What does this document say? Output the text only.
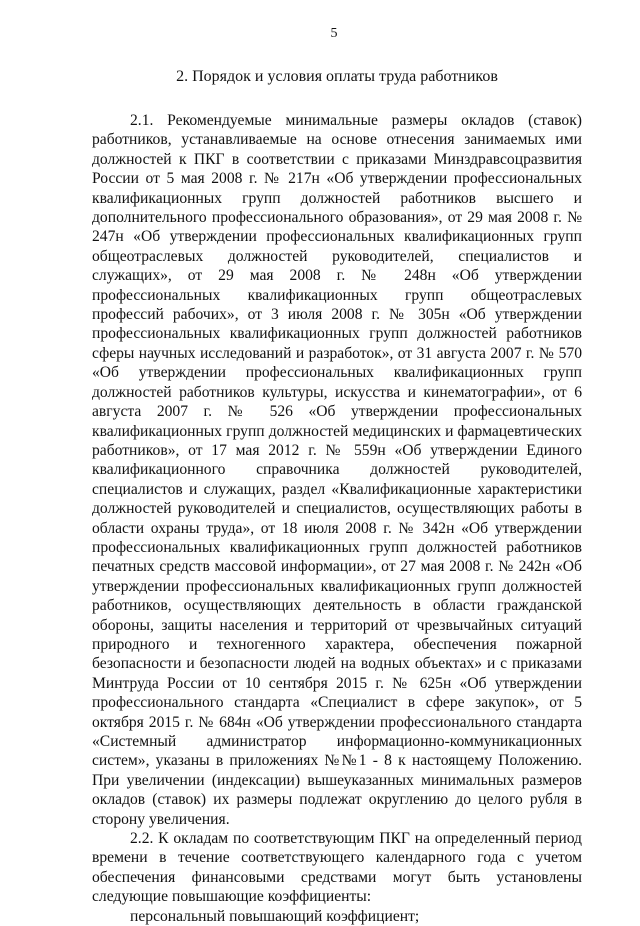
5
2. Порядок и условия оплаты труда работников

2.1. Рекомендуемые минимальные размеры окладов (ставок) работников, устанавливаемые на основе отнесения занимаемых ими должностей к ПКГ в соответствии с приказами Минздравсоцразвития России от 5 мая 2008 г. № 217н «Об утверждении профессиональных квалификационных групп должностей работников высшего и дополнительного профессионального образования», от 29 мая 2008 г. № 247н «Об утверждении профессиональных квалификационных групп общеотраслевых должностей руководителей, специалистов и служащих», от 29 мая 2008 г. № 248н «Об утверждении профессиональных квалификационных групп общеотраслевых профессий рабочих», от 3 июля 2008 г. № 305н «Об утверждении профессиональных квалификационных групп должностей работников сферы научных исследований и разработок», от 31 августа 2007 г. № 570 «Об утверждении профессиональных квалификационных групп должностей работников культуры, искусства и кинематографии», от 6 августа 2007 г. № 526 «Об утверждении профессиональных квалификационных групп должностей медицинских и фармацевтических работников», от 17 мая 2012 г. № 559н «Об утверждении Единого квалификационного справочника должностей руководителей, специалистов и служащих, раздел «Квалификационные характеристики должностей руководителей и специалистов, осуществляющих работы в области охраны труда», от 18 июля 2008 г. № 342н «Об утверждении профессиональных квалификационных групп должностей работников печатных средств массовой информации», от 27 мая 2008 г. № 242н «Об утверждении профессиональных квалификационных групп должностей работников, осуществляющих деятельность в области гражданской обороны, защиты населения и территорий от чрезвычайных ситуаций природного и техногенного характера, обеспечения пожарной безопасности и безопасности людей на водных объектах» и с приказами Минтруда России от 10 сентября 2015 г. № 625н «Об утверждении профессионального стандарта «Специалист в сфере закупок», от 5 октября 2015 г. № 684н «Об утверждении профессионального стандарта «Системный администратор информационно-коммуникационных систем», указаны в приложениях №№1 - 8 к настоящему Положению. При увеличении (индексации) вышеуказанных минимальных размеров окладов (ставок) их размеры подлежат округлению до целого рубля в сторону увеличения.

2.2. К окладам по соответствующим ПКГ на определенный период времени в течение соответствующего календарного года с учетом обеспечения финансовыми средствами могут быть установлены следующие повышающие коэффициенты:

персональный повышающий коэффициент;
